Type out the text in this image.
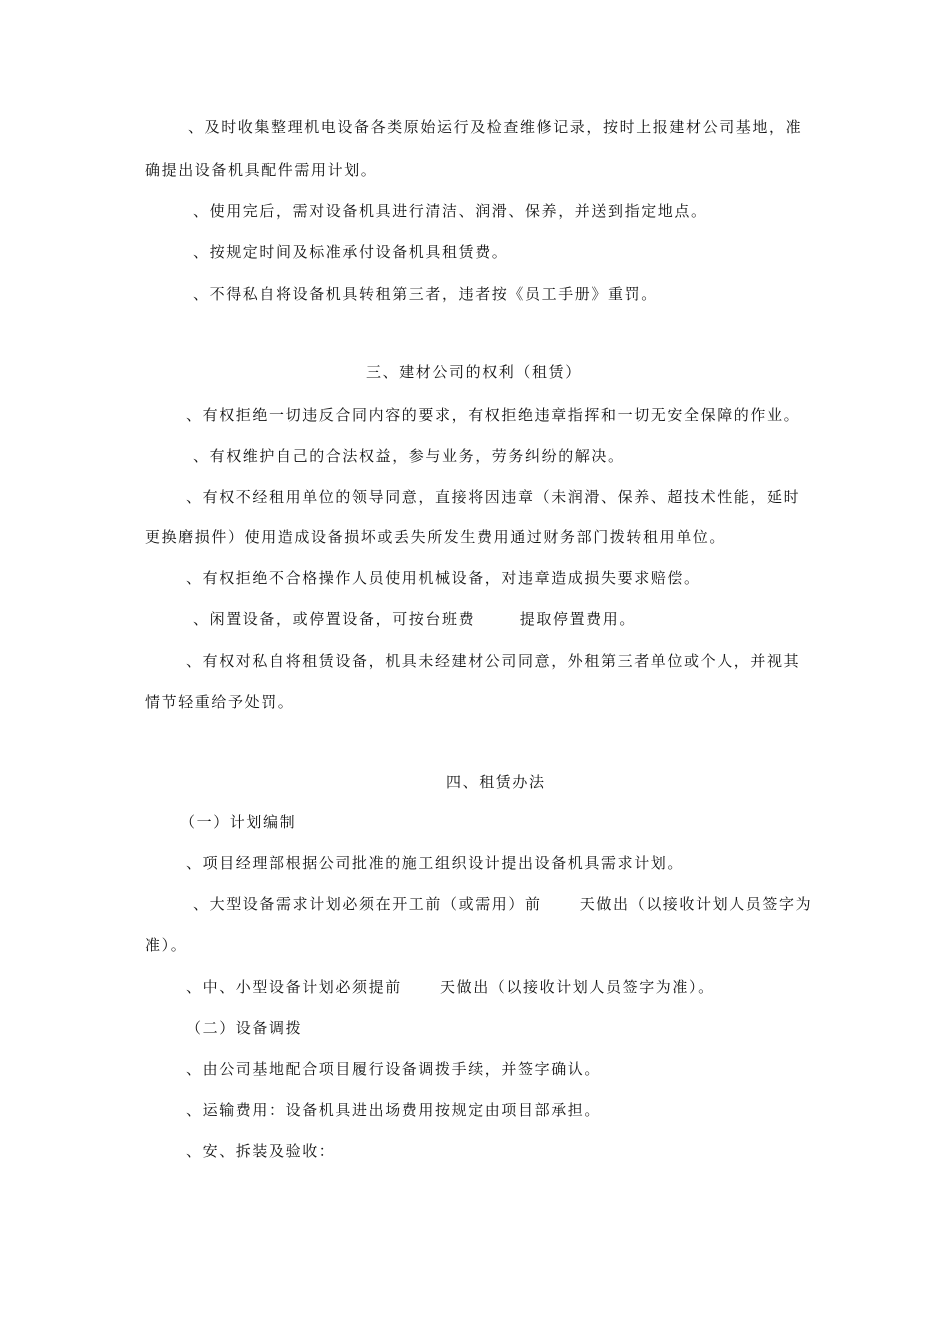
、及时收集整理机电设备各类原始运行及检查维修记录，按时上报建材公司基地，准
确提出设备机具配件需用计划。
、使用完后，需对设备机具进行清洁、润滑、保养，并送到指定地点。
、按规定时间及标准承付设备机具租赁费。
、不得私自将设备机具转租第三者，违者按《员工手册》重罚。
三、建材公司的权利（租赁）
、有权拒绝一切违反合同内容的要求，有权拒绝违章指挥和一切无安全保障的作业。
、有权维护自己的合法权益，参与业务，劳务纠纷的解决。
、有权不经租用单位的领导同意，直接将因违章（未润滑、保养、超技术性能，延时
更换磨损件）使用造成设备损坏或丢失所发生费用通过财务部门拨转租用单位。
、有权拒绝不合格操作人员使用机械设备，对违章造成损失要求赔偿。
、闲置设备，或停置设备，可按台班费       提取停置费用。
、有权对私自将租赁设备，机具未经建材公司同意，外租第三者单位或个人，并视其
情节轻重给予处罚。
四、租赁办法
（一）计划编制
、项目经理部根据公司批准的施工组织设计提出设备机具需求计划。
、大型设备需求计划必须在开工前（或需用）前      天做出（以接收计划人员签字为
准）。
、中、小型设备计划必须提前      天做出（以接收计划人员签字为准）。
（二）设备调拨
、由公司基地配合项目履行设备调拨手续，并签字确认。
、运输费用：设备机具进出场费用按规定由项目部承担。
、安、拆装及验收：
